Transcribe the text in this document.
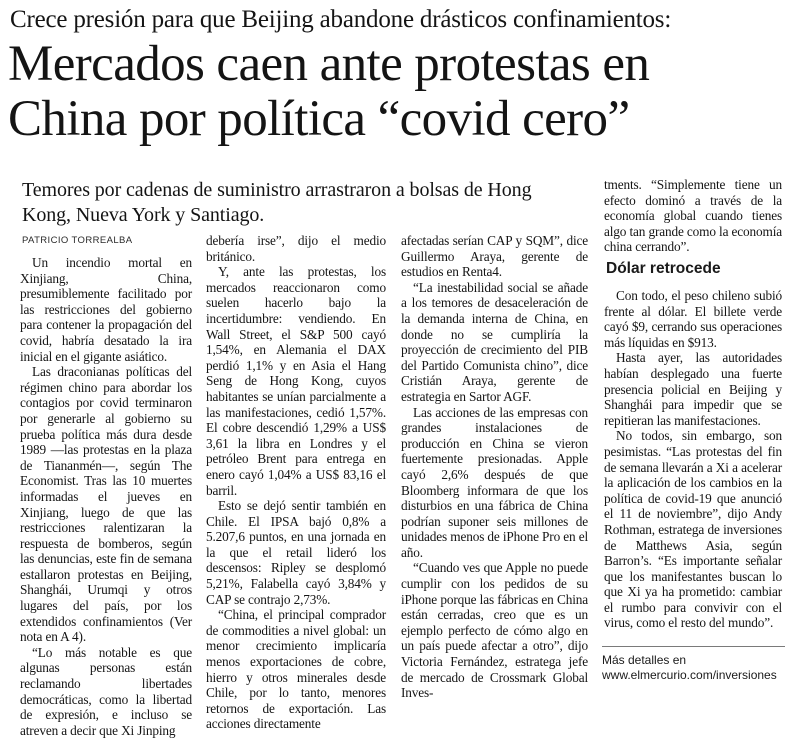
Crece presión para que Beijing abandone drásticos confinamientos:
Mercados caen ante protestas en
China por política “covid cero”
Temores por cadenas de suministro arrastraron a bolsas de Hong Kong, Nueva York y Santiago.
PATRICIO TORREALBA

Un incendio mortal en Xinjiang, China, presumiblemente facilitado por las restricciones del gobierno para contener la propagación del covid, habría desatado la ira inicial en el gigante asiático.

Las draconianas políticas del régimen chino para abordar los contagios por covid terminaron por generarle al gobierno su prueba política más dura desde 1989 —las protestas en la plaza de Tiananmén—, según The Economist. Tras las 10 muertes informadas el jueves en Xinjiang, luego de que las restricciones ralentizaran la respuesta de bomberos, según las denuncias, este fin de semana estallaron protestas en Beijing, Shanghái, Urumqi y otros lugares del país, por los extendidos confinamientos (Ver nota en A 4).

“Lo más notable es que algunas personas están reclamando libertades democráticas, como la libertad de expresión, e incluso se atreven a decir que Xi Jinping

debería irse”, dijo el medio británico.

Y, ante las protestas, los mercados reaccionaron como suelen hacerlo bajo la incertidumbre: vendiendo. En Wall Street, el S&P 500 cayó 1,54%, en Alemania el DAX perdió 1,1% y en Asia el Hang Seng de Hong Kong, cuyos habitantes se unían parcialmente a las manifestaciones, cedió 1,57%. El cobre descendió 1,29% a US$ 3,61 la libra en Londres y el petróleo Brent para entrega en enero cayó 1,04% a US$ 83,16 el barril.

Esto se dejó sentir también en Chile. El IPSA bajó 0,8% a 5.207,6 puntos, en una jornada en la que el retail lideró los descensos: Ripley se desplomó 5,21%, Falabella cayó 3,84% y CAP se contrajo 2,73%.

“China, el principal comprador de commodities a nivel global: un menor crecimiento implicaría menos exportaciones de cobre, hierro y otros minerales desde Chile, por lo tanto, menores retornos de exportación. Las acciones directamente

afectadas serían CAP y SQM”, dice Guillermo Araya, gerente de estudios en Renta4.

“La inestabilidad social se añade a los temores de desaceleración de la demanda interna de China, en donde no se cumpliría la proyección de crecimiento del PIB del Partido Comunista chino”, dice Cristián Araya, gerente de estrategia en Sartor AGF.

Las acciones de las empresas con grandes instalaciones de producción en China se vieron fuertemente presionadas. Apple cayó 2,6% después de que Bloomberg informara de que los disturbios en una fábrica de China podrían suponer seis millones de unidades menos de iPhone Pro en el año.

“Cuando ves que Apple no puede cumplir con los pedidos de su iPhone porque las fábricas en China están cerradas, creo que es un ejemplo perfecto de cómo algo en un país puede afectar a otro”, dijo Victoria Fernández, estratega jefe de mercado de Crossmark Global Inves-

tments. “Simplemente tiene un efecto dominó a través de la economía global cuando tienes algo tan grande como la economía china cerrando”.

Dólar retrocede

Con todo, el peso chileno subió frente al dólar. El billete verde cayó $9, cerrando sus operaciones más líquidas en $913.

Hasta ayer, las autoridades habían desplegado una fuerte presencia policial en Beijing y Shanghái para impedir que se repitieran las manifestaciones.

No todos, sin embargo, son pesimistas. “Las protestas del fin de semana llevarán a Xi a acelerar la aplicación de los cambios en la política de covid-19 que anunció el 11 de noviembre”, dijo Andy Rothman, estratega de inversiones de Matthews Asia, según Barron’s. “Es importante señalar que los manifestantes buscan lo que Xi ya ha prometido: cambiar el rumbo para convivir con el virus, como el resto del mundo”.

Más detalles en
www.elmercurio.com/inversiones
